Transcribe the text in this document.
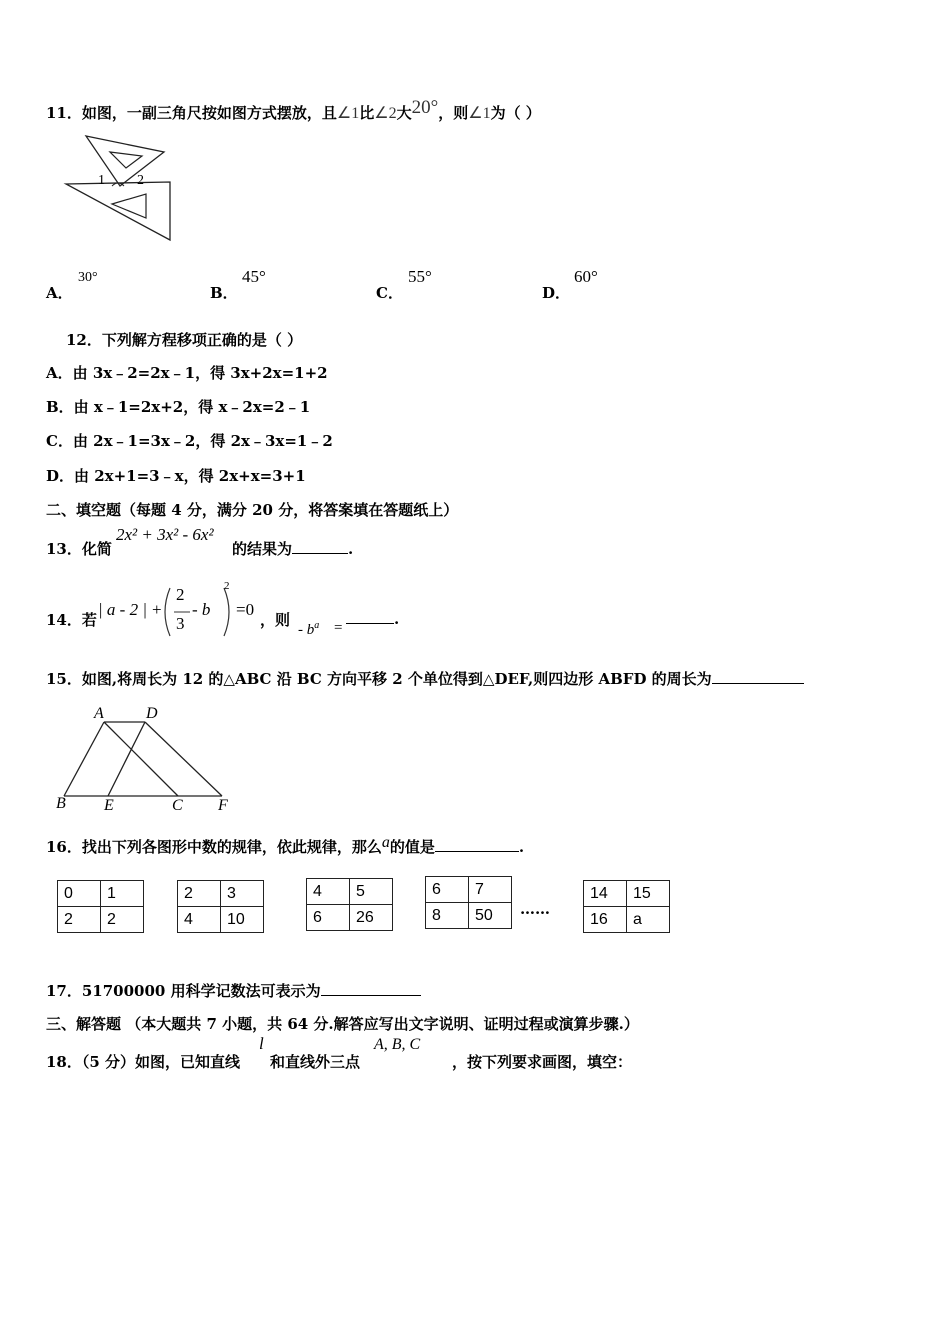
11．如图，一副三角尺按如图方式摆放，且∠1比∠2大20°，则∠1为（ ）
1 2
A．
30°
B．
45°
C．
55°
D．
60°
12．下列解方程移项正确的是（ ）
A．由 3x﹣2=2x﹣1，得 3x+2x=1+2
B．由 x﹣1=2x+2，得 x﹣2x=2﹣1
C．由 2x﹣1=3x﹣2，得 2x﹣3x=1﹣2
D．由 2x+1=3﹣x，得 2x+x=3+1
二、填空题（每题 4 分，满分 20 分，将答案填在答题纸上）
13．化简
2x² + 3x² - 6x²
的结果为	.
14．若
| a - 2 | +
2
3
- b
2
=0
，则
- $b^a$ =	.
15．如图,将周长为 12 的△ABC 沿 BC 方向平移 2 个单位得到△DEF,则四边形 ABFD 的周长为
A	D
B E	C F
16．找出下列各图形中数的规律，依此规律，那么a的值是	.
0	1
2	2
2	3
4	10
4	5
6	26
6	7
8	50 ……
14	15
16	a
17．51700000 用科学记数法可表示为
三、解答题 （本大题共 7 小题，共 64 分.解答应写出文字说明、证明过程或演算步骤.）
18．（5 分）如图，已知直线
l
和直线外三点
A, B, C
，按下列要求画图，填空：
